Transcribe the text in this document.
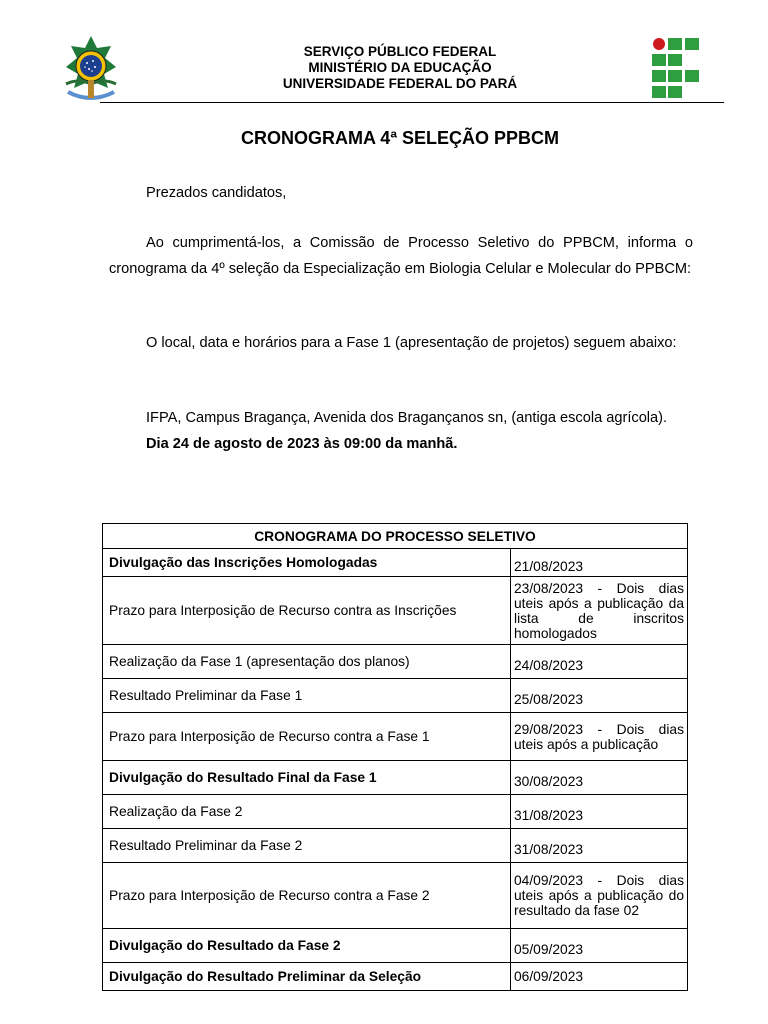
SERVIÇO PÚBLICO FEDERAL
MINISTÉRIO DA EDUCAÇÃO
UNIVERSIDADE FEDERAL DO PARÁ
CRONOGRAMA 4ª SELEÇÃO PPBCM
Prezados candidatos,
Ao cumprimentá-los, a Comissão de Processo Seletivo do PPBCM, informa o cronograma da 4º seleção da Especialização em Biologia Celular e Molecular do PPBCM:
O local, data e horários para a Fase 1 (apresentação de projetos) seguem abaixo:
IFPA, Campus Bragança, Avenida dos Bragançanos sn, (antiga escola agrícola).
Dia 24 de agosto de 2023 às 09:00 da manhã.
CRONOGRAMA DO PROCESSO SELETIVO	
Divulgação das Inscrições Homologadas	21/08/2023
Prazo para Interposição de Recurso contra as Inscrições	23/08/2023 - Dois dias uteis após a publicação da lista de inscritos homologados
Realização da Fase 1 (apresentação dos planos)	24/08/2023
Resultado Preliminar da Fase 1	25/08/2023
Prazo para Interposição de Recurso contra a Fase 1	29/08/2023 - Dois dias uteis após a publicação
Divulgação do Resultado Final da Fase 1	30/08/2023
Realização da Fase 2	31/08/2023
Resultado Preliminar da Fase 2	31/08/2023
Prazo para Interposição de Recurso contra a Fase 2	04/09/2023 - Dois dias uteis após a publicação do resultado da fase 02
Divulgação do Resultado da Fase 2	05/09/2023
Divulgação do Resultado Preliminar da Seleção	06/09/2023
